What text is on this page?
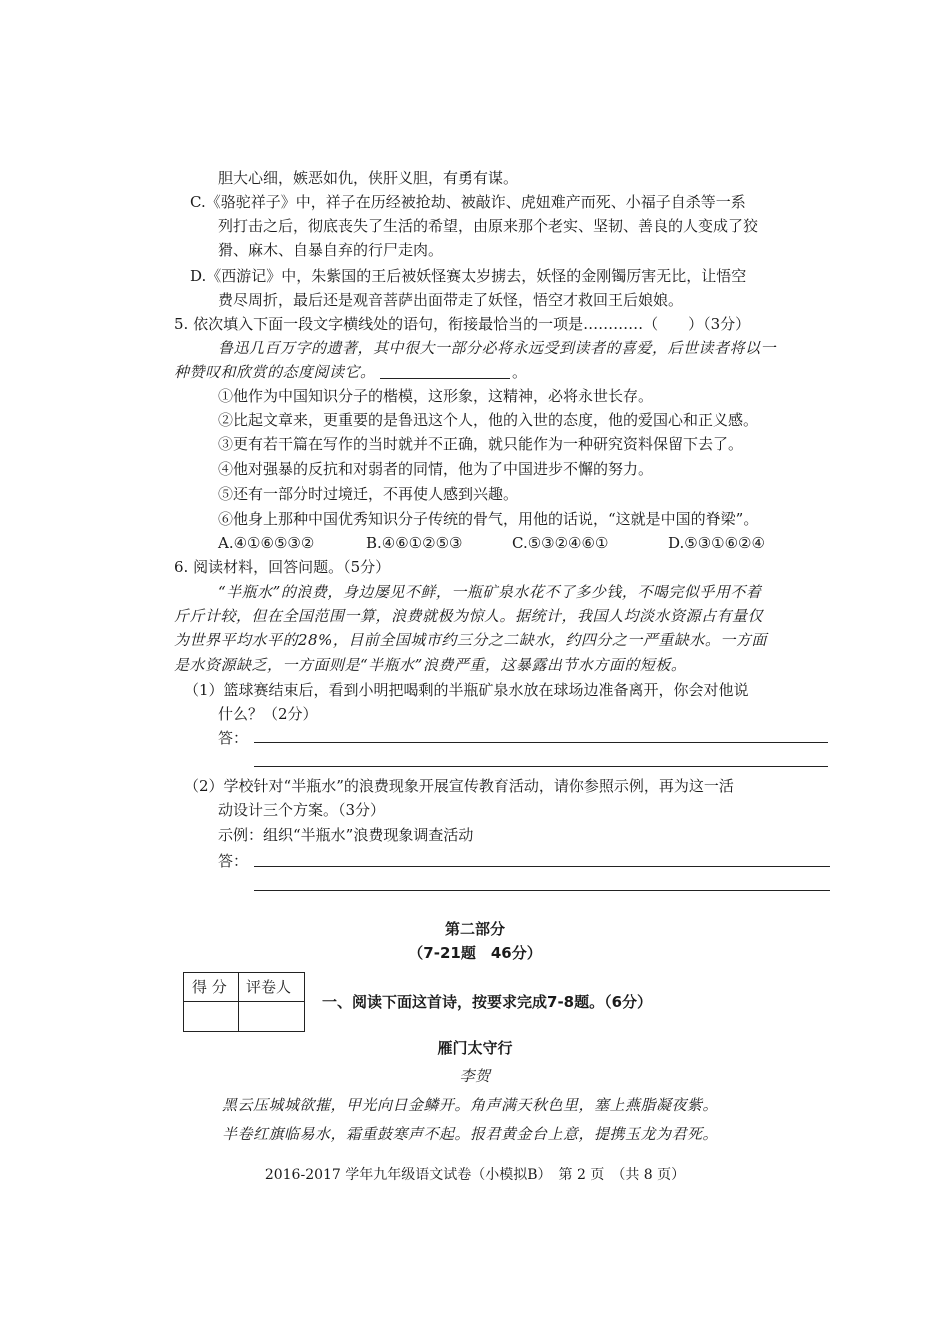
胆大心细，嫉恶如仇，侠肝义胆，有勇有谋。
C.《骆驼祥子》中，祥子在历经被抢劫、被敲诈、虎妞难产而死、小福子自杀等一系
列打击之后，彻底丧失了生活的希望，由原来那个老实、坚韧、善良的人变成了狡
猾、麻木、自暴自弃的行尸走肉。
D.《西游记》中，朱紫国的王后被妖怪赛太岁掳去，妖怪的金刚镯厉害无比，让悟空
费尽周折，最后还是观音菩萨出面带走了妖怪，悟空才救回王后娘娘。
5. 依次填入下面一段文字横线处的语句，衔接最恰当的一项是…………（　　）（3分）
鲁迅几百万字的遗著，其中很大一部分必将永远受到读者的喜爱，后世读者将以一
种赞叹和欣赏的态度阅读它。	。
①他作为中国知识分子的楷模，这形象，这精神，必将永世长存。
②比起文章来，更重要的是鲁迅这个人，他的入世的态度，他的爱国心和正义感。
③更有若干篇在写作的当时就并不正确，就只能作为一种研究资料保留下去了。
④他对强暴的反抗和对弱者的同情，他为了中国进步不懈的努力。
⑤还有一部分时过境迁，不再使人感到兴趣。
⑥他身上那种中国优秀知识分子传统的骨气，用他的话说，“这就是中国的脊梁”。
A.④①⑥⑤③②	B.④⑥①②⑤③	C.⑤③②④⑥①	D.⑤③①⑥②④
6. 阅读材料，回答问题。（5分）
“半瓶水”的浪费，身边屡见不鲜，一瓶矿泉水花不了多少钱，不喝完似乎用不着
斤斤计较，但在全国范围一算，浪费就极为惊人。据统计，我国人均淡水资源占有量仅
为世界平均水平的28%，目前全国城市约三分之二缺水，约四分之一严重缺水。一方面
是水资源缺乏，一方面则是“半瓶水”浪费严重，这暴露出节水方面的短板。
（1）篮球赛结束后，看到小明把喝剩的半瓶矿泉水放在球场边准备离开，你会对他说
什么？（2分）
答：
（2）学校针对“半瓶水”的浪费现象开展宣传教育活动，请你参照示例，再为这一活
动设计三个方案。（3分）
示例：组织“半瓶水”浪费现象调查活动
答：
第二部分
（7-21题　46分）
得 分 评卷人
一、阅读下面这首诗，按要求完成7-8题。（6分）
雁门太守行
李贺
黑云压城城欲摧，甲光向日金鳞开。角声满天秋色里，塞上燕脂凝夜紫。
半卷红旗临易水，霜重鼓寒声不起。报君黄金台上意，提携玉龙为君死。
2016-2017 学年九年级语文试卷（小模拟B）　第 2 页　（共 8 页）
